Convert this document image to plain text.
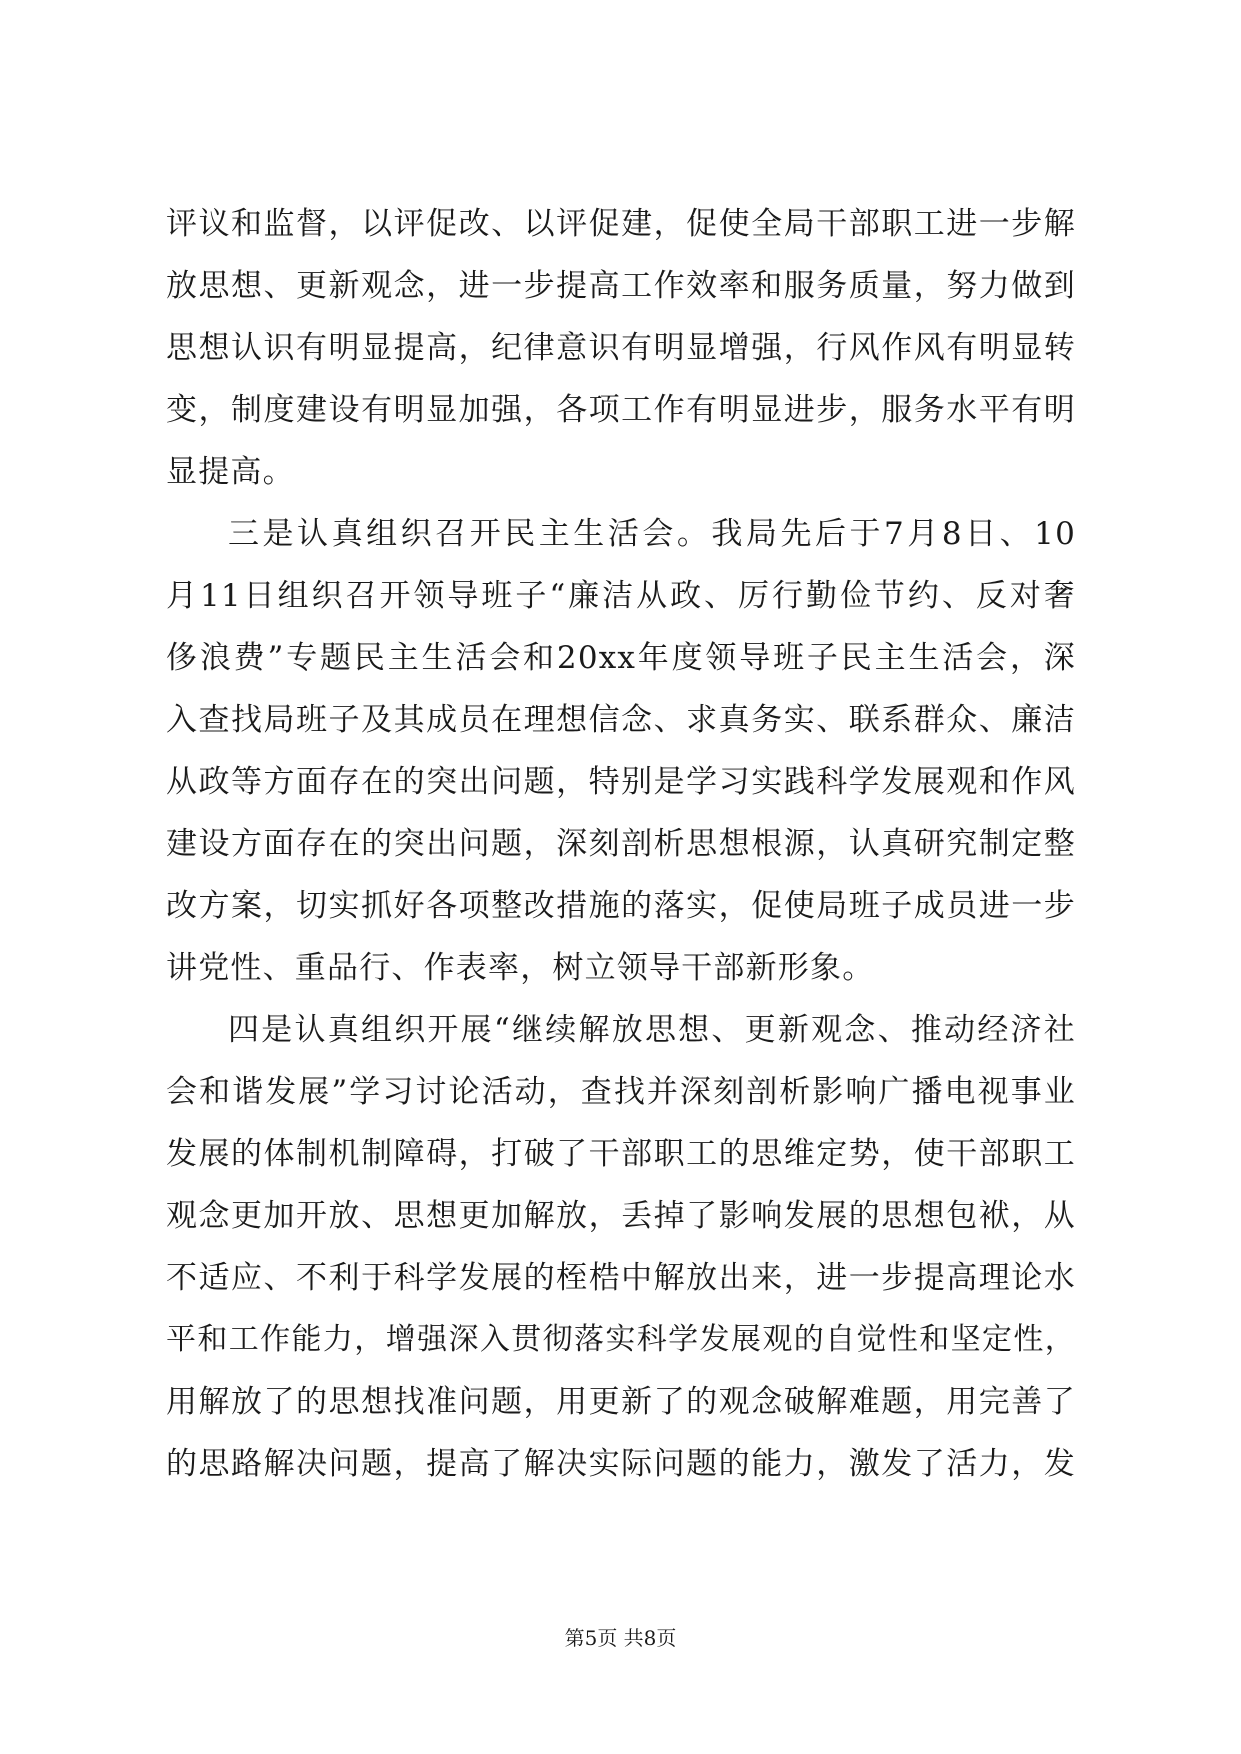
评议和监督，以评促改、以评促建，促使全局干部职工进一步解
放思想、更新观念，进一步提高工作效率和服务质量，努力做到
思想认识有明显提高，纪律意识有明显增强，行风作风有明显转
变，制度建设有明显加强，各项工作有明显进步，服务水平有明
显提高。
三是认真组织召开民主生活会。我局先后于7月8日、10
月11日组织召开领导班子“廉洁从政、厉行勤俭节约、反对奢
侈浪费”专题民主生活会和20xx年度领导班子民主生活会，深
入查找局班子及其成员在理想信念、求真务实、联系群众、廉洁
从政等方面存在的突出问题，特别是学习实践科学发展观和作风
建设方面存在的突出问题，深刻剖析思想根源，认真研究制定整
改方案，切实抓好各项整改措施的落实，促使局班子成员进一步
讲党性、重品行、作表率，树立领导干部新形象。
四是认真组织开展“继续解放思想、更新观念、推动经济社
会和谐发展”学习讨论活动，查找并深刻剖析影响广播电视事业
发展的体制机制障碍，打破了干部职工的思维定势，使干部职工
观念更加开放、思想更加解放，丢掉了影响发展的思想包袱，从
不适应、不利于科学发展的桎梏中解放出来，进一步提高理论水
平和工作能力，增强深入贯彻落实科学发展观的自觉性和坚定性，
用解放了的思想找准问题，用更新了的观念破解难题，用完善了
的思路解决问题，提高了解决实际问题的能力，激发了活力，发
第5页 共8页
